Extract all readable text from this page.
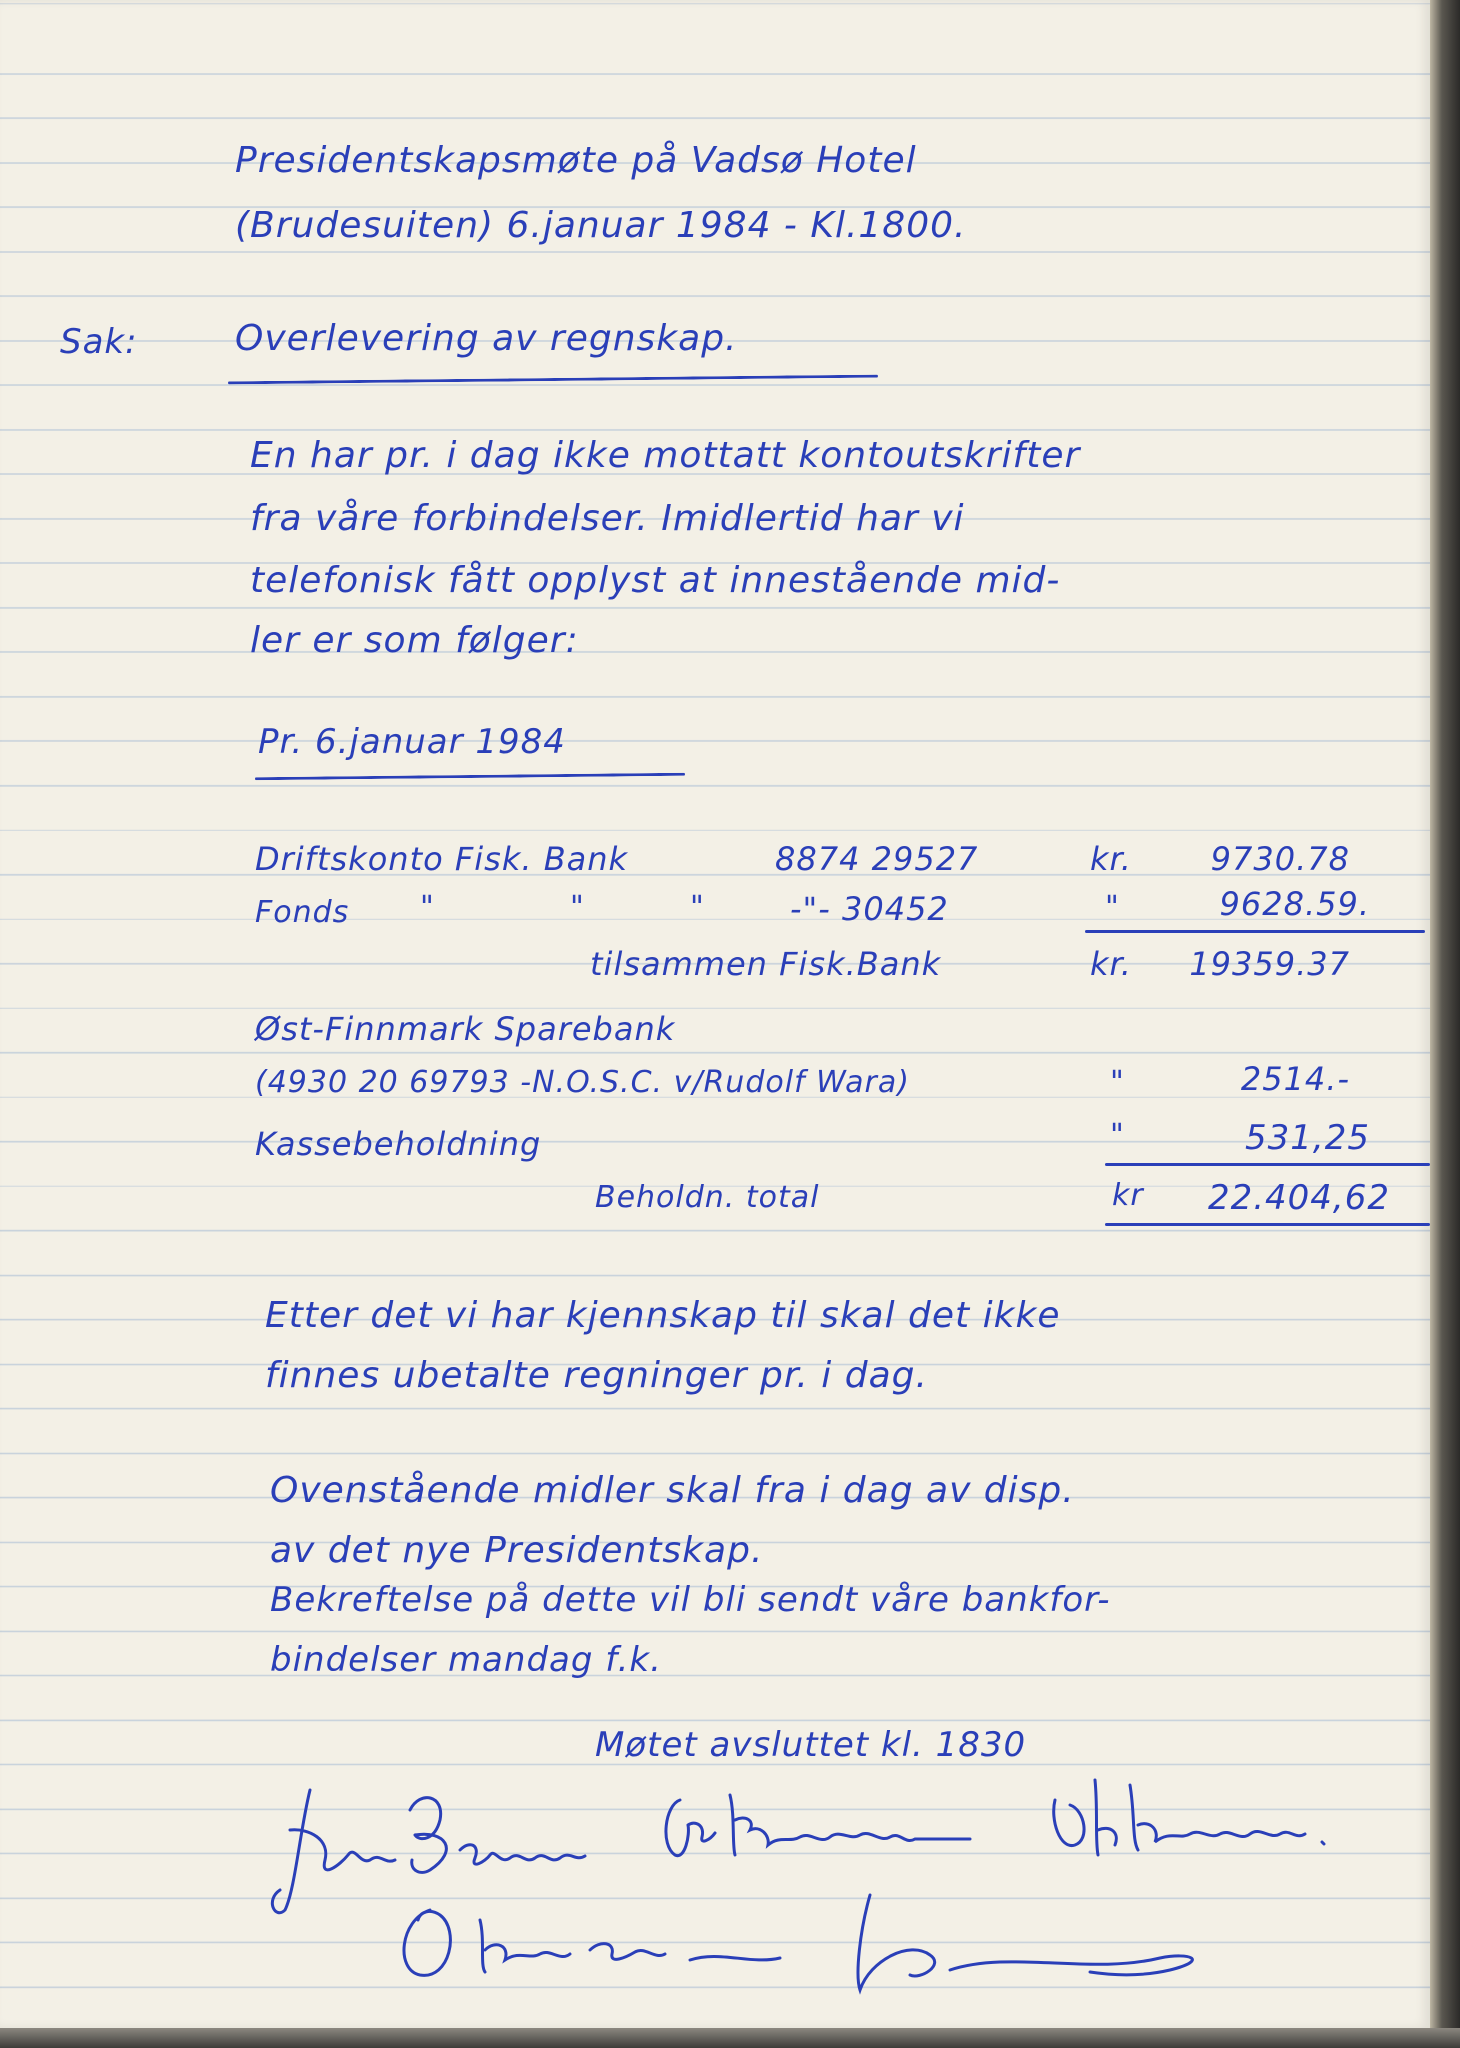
Presidentskapsmøte på Vadsø Hotel
(Brudesuiten) 6.januar 1984 - Kl.1800.
Sak:	Overlevering av regnskap.
En har pr. i dag ikke mottatt kontoutskrifter
fra våre forbindelser. Imidlertid har vi
telefonisk fått opplyst at innestående mid-
ler er som følger:
Pr. 6.januar 1984
Driftskonto Fisk. Bank	8874 29527	kr.	9730.78
Fonds "	"	"	-"- 30452	"	9628.59.
tilsammen Fisk.Bank	kr.	19359.37
Øst-Finnmark Sparebank
(4930 20 69793 -N.O.S.C. v/Rudolf Wara)	"	2514.-
Kassebeholdning	"	531,25
Beholdn. total	kr	22.404,62
Etter det vi har kjennskap til skal det ikke
finnes ubetalte regninger pr. i dag.
Ovenstående midler skal fra i dag av disp.
av det nye Presidentskap.
Bekreftelse på dette vil bli sendt våre bankfor-
bindelser mandag f.k.
Møtet avsluttet kl. 1830
